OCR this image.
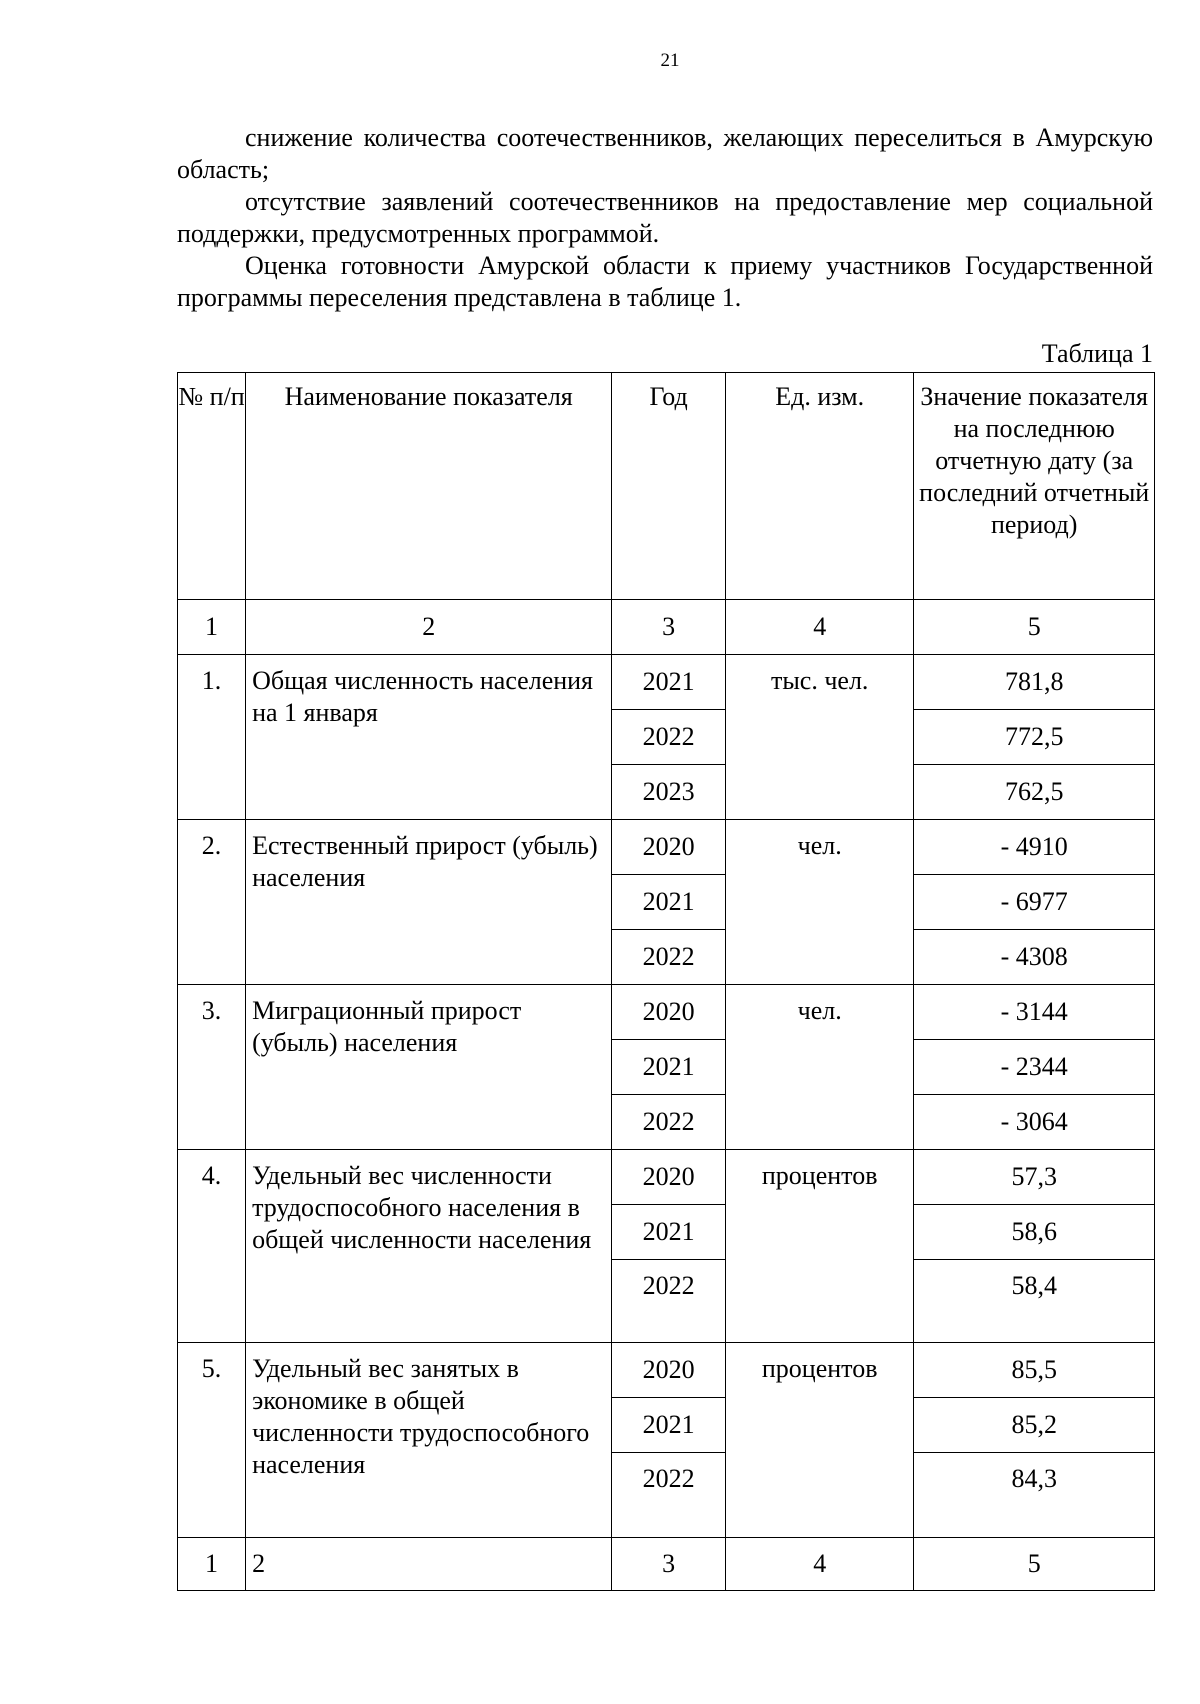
21

снижение количества соотечественников, желающих переселиться в Амурскую область;

отсутствие заявлений соотечественников на предоставление мер социальной поддержки, предусмотренных программой.

Оценка готовности Амурской области к приему участников Государственной программы переселения представлена в таблице 1.

Таблица 1
№ п/п	Наименование показателя	Год	Ед. изм.	Значение показателя на последнюю отчетную дату (за последний отчетный период)
1	2	3	4	5
1.	Общая численность населения на 1 января	2021	тыс. чел.	781,8
		2022		772,5
		2023		762,5
2.	Естественный прирост (убыль) населения	2020	чел.	- 4910
		2021		- 6977
		2022		- 4308
3.	Миграционный прирост (убыль) населения	2020	чел.	- 3144
		2021		- 2344
		2022		- 3064
4.	Удельный вес численности трудоспособного населения в общей численности населения	2020	процентов	57,3
		2021		58,6
		2022		58,4
5.	Удельный вес занятых в экономике в общей численности трудоспособного населения	2020	процентов	85,5
		2021		85,2
		2022		84,3
1	2	3	4	5
